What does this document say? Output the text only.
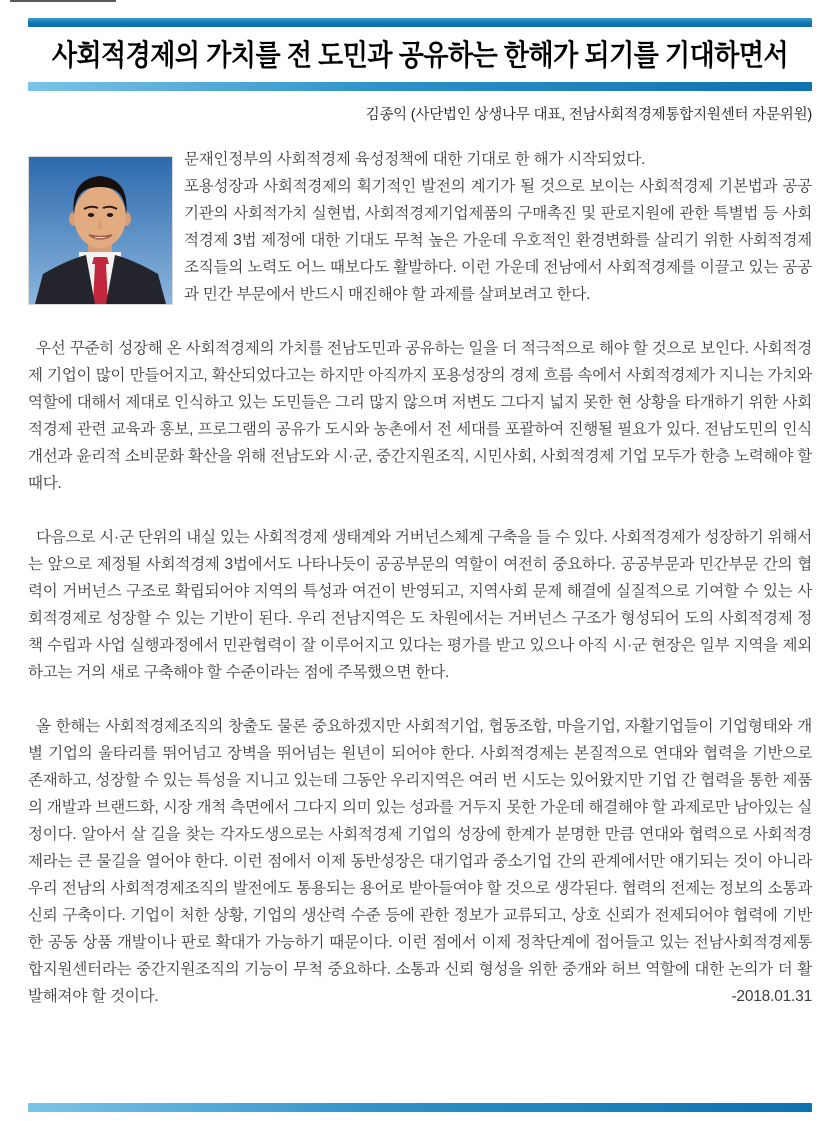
사회적경제의 가치를 전 도민과 공유하는 한해가 되기를 기대하면서
김종익 (사단법인 상생나무 대표, 전남사회적경제통합지원센터 자문위원)

문재인정부의 사회적경제 육성정책에 대한 기대로 한 해가 시작되었다.

포용성장과 사회적경제의 획기적인 발전의 계기가 될 것으로 보이는 사회적경제 기본법과 공공기관의 사회적가치 실현법, 사회적경제기업제품의 구매촉진 및 판로지원에 관한 특별법 등 사회적경제 3법 제정에 대한 기대도 무척 높은 가운데 우호적인 환경변화를 살리기 위한 사회적경제조직들의 노력도 어느 때보다도 활발하다. 이런 가운데 전남에서 사회적경제를 이끌고 있는 공공과 민간 부문에서 반드시 매진해야 할 과제를 살펴보려고 한다.

우선 꾸준히 성장해 온 사회적경제의 가치를 전남도민과 공유하는 일을 더 적극적으로 해야 할 것으로 보인다. 사회적경제 기업이 많이 만들어지고, 확산되었다고는 하지만 아직까지 포용성장의 경제 흐름 속에서 사회적경제가 지니는 가치와 역할에 대해서 제대로 인식하고 있는 도민들은 그리 많지 않으며 저변도 그다지 넓지 못한 현 상황을 타개하기 위한 사회적경제 관련 교육과 홍보, 프로그램의 공유가 도시와 농촌에서 전 세대를 포괄하여 진행될 필요가 있다. 전남도민의 인식개선과 윤리적 소비문화 확산을 위해 전남도와 시·군, 중간지원조직, 시민사회, 사회적경제 기업 모두가 한층 노력해야 할 때다.

다음으로 시·군 단위의 내실 있는 사회적경제 생태계와 거버넌스체계 구축을 들 수 있다. 사회적경제가 성장하기 위해서는 앞으로 제정될 사회적경제 3법에서도 나타나듯이 공공부문의 역할이 여전히 중요하다. 공공부문과 민간부문 간의 협력이 거버넌스 구조로 확립되어야 지역의 특성과 여건이 반영되고, 지역사회 문제 해결에 실질적으로 기여할 수 있는 사회적경제로 성장할 수 있는 기반이 된다. 우리 전남지역은 도 차원에서는 거버넌스 구조가 형성되어 도의 사회적경제 정책 수립과 사업 실행과정에서 민관협력이 잘 이루어지고 있다는 평가를 받고 있으나 아직 시·군 현장은 일부 지역을 제외하고는 거의 새로 구축해야 할 수준이라는 점에 주목했으면 한다.

올 한해는 사회적경제조직의 창출도 물론 중요하겠지만 사회적기업, 협동조합, 마을기업, 자활기업들이 기업형태와 개별 기업의 울타리를 뛰어넘고 장벽을 뛰어넘는 원년이 되어야 한다. 사회적경제는 본질적으로 연대와 협력을 기반으로 존재하고, 성장할 수 있는 특성을 지니고 있는데 그동안 우리지역은 여러 번 시도는 있어왔지만 기업 간 협력을 통한 제품의 개발과 브랜드화, 시장 개척 측면에서 그다지 의미 있는 성과를 거두지 못한 가운데 해결해야 할 과제로만 남아있는 실정이다. 알아서 살 길을 찾는 각자도생으로는 사회적경제 기업의 성장에 한계가 분명한 만큼 연대와 협력으로 사회적경제라는 큰 물길을 열어야 한다. 이런 점에서 이제 동반성장은 대기업과 중소기업 간의 관계에서만 얘기되는 것이 아니라 우리 전남의 사회적경제조직의 발전에도 통용되는 용어로 받아들여야 할 것으로 생각된다. 협력의 전제는 정보의 소통과 신뢰 구축이다. 기업이 처한 상황, 기업의 생산력 수준 등에 관한 정보가 교류되고, 상호 신뢰가 전제되어야 협력에 기반한 공동 상품 개발이나 판로 확대가 가능하기 때문이다. 이런 점에서 이제 정착단계에 접어들고 있는 전남사회적경제통합지원센터라는 중간지원조직의 기능이 무척 중요하다. 소통과 신뢰 형성을 위한 중개와 허브 역할에 대한 논의가 더 활발해져야 할 것이다.	-2018.01.31
